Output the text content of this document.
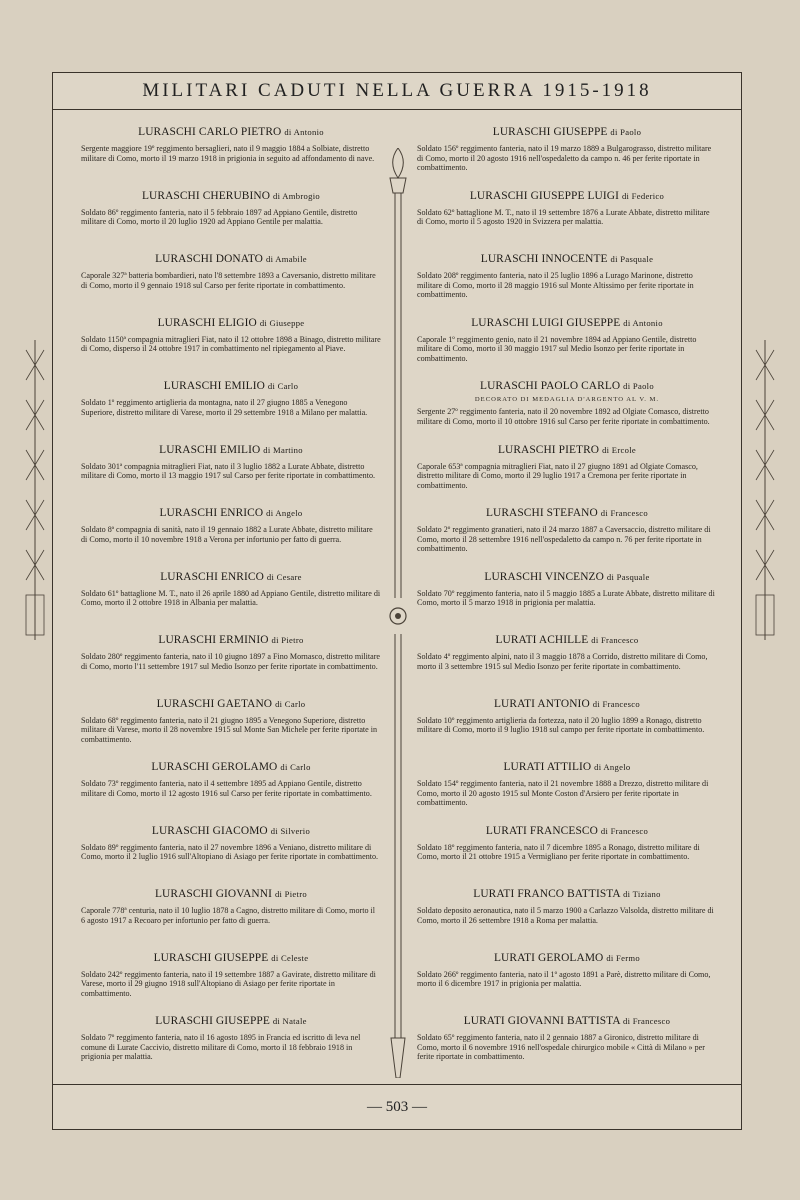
MILITARI CADUTI NELLA GUERRA 1915-1918
LURASCHI CARLO PIETRO di Antonio
Sergente maggiore 19º reggimento bersaglieri, nato il 9 maggio 1884 a Solbiate, distretto militare di Como, morto il 19 marzo 1918 in prigionia in seguito ad affondamento di nave.
LURASCHI CHERUBINO di Ambrogio
Soldato 86º reggimento fanteria, nato il 5 febbraio 1897 ad Appiano Gentile, distretto militare di Como, morto il 20 luglio 1920 ad Appiano Gentile per malattia.
LURASCHI DONATO di Amabile
Caporale 327ª batteria bombardieri, nato l'8 settembre 1893 a Caversanio, distretto militare di Como, morto il 9 gennaio 1918 sul Carso per ferite riportate in combattimento.
LURASCHI ELIGIO di Giuseppe
Soldato 1150ª compagnia mitraglieri Fiat, nato il 12 ottobre 1898 a Binago, distretto militare di Como, disperso il 24 ottobre 1917 in combattimento nel ripiegamento al Piave.
LURASCHI EMILIO di Carlo
Soldato 1º reggimento artiglieria da montagna, nato il 27 giugno 1885 a Venegono Superiore, distretto militare di Varese, morto il 29 settembre 1918 a Milano per malattia.
LURASCHI EMILIO di Martino
Soldato 301ª compagnia mitraglieri Fiat, nato il 3 luglio 1882 a Lurate Abbate, distretto militare di Como, morto il 13 maggio 1917 sul Carso per ferite riportate in combattimento.
LURASCHI ENRICO di Angelo
Soldato 8ª compagnia di sanità, nato il 19 gennaio 1882 a Lurate Abbate, distretto militare di Como, morto il 10 novembre 1918 a Verona per infortunio per fatto di guerra.
LURASCHI ENRICO di Cesare
Soldato 61º battaglione M. T., nato il 26 aprile 1880 ad Appiano Gentile, distretto militare di Como, morto il 2 ottobre 1918 in Albania per malattia.
LURASCHI ERMINIO di Pietro
Soldato 280º reggimento fanteria, nato il 10 giugno 1897 a Fino Mornasco, distretto militare di Como, morto l'11 settembre 1917 sul Medio Isonzo per ferite riportate in combattimento.
LURASCHI GAETANO di Carlo
Soldato 68º reggimento fanteria, nato il 21 giugno 1895 a Venegono Superiore, distretto militare di Varese, morto il 28 novembre 1915 sul Monte San Michele per ferite riportate in combattimento.
LURASCHI GEROLAMO di Carlo
Soldato 73º reggimento fanteria, nato il 4 settembre 1895 ad Appiano Gentile, distretto militare di Como, morto il 12 agosto 1916 sul Carso per ferite riportate in combattimento.
LURASCHI GIACOMO di Silverio
Soldato 89º reggimento fanteria, nato il 27 novembre 1896 a Veniano, distretto militare di Como, morto il 2 luglio 1916 sull'Altopiano di Asiago per ferite riportate in combattimento.
LURASCHI GIOVANNI di Pietro
Caporale 778ª centuria, nato il 10 luglio 1878 a Cagno, distretto militare di Como, morto il 6 agosto 1917 a Recoaro per infortunio per fatto di guerra.
LURASCHI GIUSEPPE di Celeste
Soldato 242º reggimento fanteria, nato il 19 settembre 1887 a Gavirate, distretto militare di Varese, morto il 29 giugno 1918 sull'Altopiano di Asiago per ferite riportate in combattimento.
LURASCHI GIUSEPPE di Natale
Soldato 7º reggimento fanteria, nato il 16 agosto 1895 in Francia ed iscritto di leva nel comune di Lurate Caccivio, distretto militare di Como, morto il 18 febbraio 1918 in prigionia per malattia.
LURASCHI GIUSEPPE di Paolo
Soldato 156º reggimento fanteria, nato il 19 marzo 1889 a Bulgarograsso, distretto militare di Como, morto il 20 agosto 1916 nell'ospedaletto da campo n. 46 per ferite riportate in combattimento.
LURASCHI GIUSEPPE LUIGI di Federico
Soldato 62º battaglione M. T., nato il 19 settembre 1876 a Lurate Abbate, distretto militare di Como, morto il 5 agosto 1920 in Svizzera per malattia.
LURASCHI INNOCENTE di Pasquale
Soldato 208º reggimento fanteria, nato il 25 luglio 1896 a Lurago Marinone, distretto militare di Como, morto il 28 maggio 1916 sul Monte Altissimo per ferite riportate in combattimento.
LURASCHI LUIGI GIUSEPPE di Antonio
Caporale 1º reggimento genio, nato il 21 novembre 1894 ad Appiano Gentile, distretto militare di Como, morto il 30 maggio 1917 sul Medio Isonzo per ferite riportate in combattimento.
LURASCHI PAOLO CARLO di Paolo
DECORATO DI MEDAGLIA D'ARGENTO AL V. M.
Sergente 27º reggimento fanteria, nato il 20 novembre 1892 ad Olgiate Comasco, distretto militare di Como, morto il 10 ottobre 1916 sul Carso per ferite riportate in combattimento.
LURASCHI PIETRO di Ercole
Caporale 653ª compagnia mitraglieri Fiat, nato il 27 giugno 1891 ad Olgiate Comasco, distretto militare di Como, morto il 29 luglio 1917 a Cremona per ferite riportate in combattimento.
LURASCHI STEFANO di Francesco
Soldato 2º reggimento granatieri, nato il 24 marzo 1887 a Caversaccio, distretto militare di Como, morto il 28 settembre 1916 nell'ospedaletto da campo n. 76 per ferite riportate in combattimento.
LURASCHI VINCENZO di Pasquale
Soldato 70º reggimento fanteria, nato il 5 maggio 1885 a Lurate Abbate, distretto militare di Como, morto il 5 marzo 1918 in prigionia per malattia.
LURATI ACHILLE di Francesco
Soldato 4º reggimento alpini, nato il 3 maggio 1878 a Corrido, distretto militare di Como, morto il 3 settembre 1915 sul Medio Isonzo per ferite riportate in combattimento.
LURATI ANTONIO di Francesco
Soldato 10º reggimento artiglieria da fortezza, nato il 20 luglio 1899 a Ronago, distretto militare di Como, morto il 9 luglio 1918 sul campo per ferite riportate in combattimento.
LURATI ATTILIO di Angelo
Soldato 154º reggimento fanteria, nato il 21 novembre 1888 a Drezzo, distretto militare di Como, morto il 20 agosto 1915 sul Monte Coston d'Arsiero per ferite riportate in combattimento.
LURATI FRANCESCO di Francesco
Soldato 18º reggimento fanteria, nato il 7 dicembre 1895 a Ronago, distretto militare di Como, morto il 21 ottobre 1915 a Vermigliano per ferite riportate in combattimento.
LURATI FRANCO BATTISTA di Tiziano
Soldato deposito aeronautica, nato il 5 marzo 1900 a Carlazzo Valsolda, distretto militare di Como, morto il 26 settembre 1918 a Roma per malattia.
LURATI GEROLAMO di Fermo
Soldato 266º reggimento fanteria, nato il 1º agosto 1891 a Parè, distretto militare di Como, morto il 6 dicembre 1917 in prigionia per malattia.
LURATI GIOVANNI BATTISTA di Francesco
Soldato 65º reggimento fanteria, nato il 2 gennaio 1887 a Gironico, distretto militare di Como, morto il 6 novembre 1916 nell'ospedale chirurgico mobile « Città di Milano » per ferite riportate in combattimento.
— 503 —
